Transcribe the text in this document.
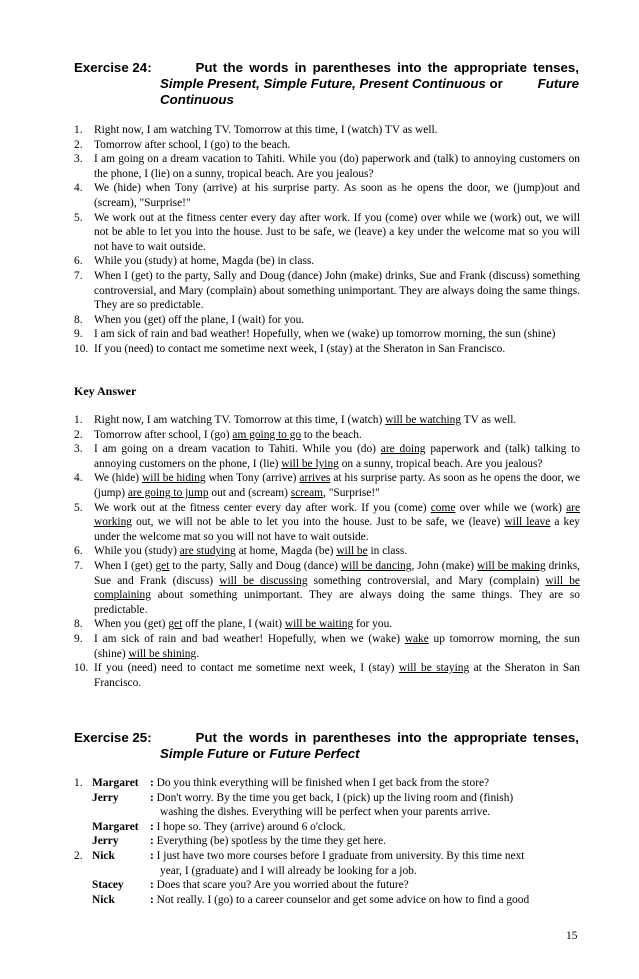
Exercise 24:	Put the words in parentheses into the appropriate tenses,
Simple Present, Simple Future, Present Continuous or	Future
Continuous
1. Right now, I am watching TV. Tomorrow at this time, I (watch) TV as well.
2. Tomorrow after school, I (go) to the beach.
3. I am going on a dream vacation to Tahiti. While you (do) paperwork and (talk) to annoying customers on the phone, I (lie) on a sunny, tropical beach. Are you jealous?
4. We (hide) when Tony (arrive) at his surprise party. As soon as he opens the door, we (jump)out and (scream), "Surprise!"
5. We work out at the fitness center every day after work. If you (come) over while we (work) out, we will not be able to let you into the house. Just to be safe, we (leave) a key under the welcome mat so you will not have to wait outside.
6. While you (study) at home, Magda (be) in class.
7. When I (get) to the party, Sally and Doug (dance) John (make) drinks, Sue and Frank (discuss) something controversial, and Mary (complain) about something unimportant. They are always doing the same things. They are so predictable.
8. When you (get) off the plane, I (wait) for you.
9. I am sick of rain and bad weather! Hopefully, when we (wake) up tomorrow morning, the sun (shine)
10. If you (need) to contact me sometime next week, I (stay) at the Sheraton in San Francisco.
Key Answer
1. Right now, I am watching TV. Tomorrow at this time, I (watch) will be watching TV as well.
2. Tomorrow after school, I (go) am going to go to the beach.
3. I am going on a dream vacation to Tahiti. While you (do) are doing paperwork and (talk) talking to annoying customers on the phone, I (lie) will be lying on a sunny, tropical beach. Are you jealous?
4. We (hide) will be hiding when Tony (arrive) arrives at his surprise party. As soon as he opens the door, we (jump) are going to jump out and (scream) scream, "Surprise!"
5. We work out at the fitness center every day after work. If you (come) come over while we (work) are working out, we will not be able to let you into the house. Just to be safe, we (leave) will leave a key under the welcome mat so you will not have to wait outside.
6. While you (study) are studying at home, Magda (be) will be in class.
7. When I (get) get to the party, Sally and Doug (dance) will be dancing, John (make) will be making drinks, Sue and Frank (discuss) will be discussing something controversial, and Mary (complain) will be complaining about something unimportant. They are always doing the same things. They are so predictable.
8. When you (get) get off the plane, I (wait) will be waiting for you.
9. I am sick of rain and bad weather! Hopefully, when we (wake) wake up tomorrow morning, the sun (shine) will be shining.
10. If you (need) need to contact me sometime next week, I (stay) will be staying at the Sheraton in San Francisco.
Exercise 25:	Put the words in parentheses into the appropriate tenses,
Simple Future or Future Perfect
1. Margaret	: Do you think everything will be finished when I get back from the store?
Jerry	: Don't worry. By the time you get back, I (pick) up the living room and (finish)
washing the dishes. Everything will be perfect when your parents arrive.
Margaret	: I hope so. They (arrive) around 6 o'clock.
Jerry	: Everything (be) spotless by the time they get here.
2. Nick	: I just have two more courses before I graduate from university. By this time next
year, I (graduate) and I will already be looking for a job.
Stacey	: Does that scare you? Are you worried about the future?
Nick	: Not really. I (go) to a career counselor and get some advice on how to find a good
15
